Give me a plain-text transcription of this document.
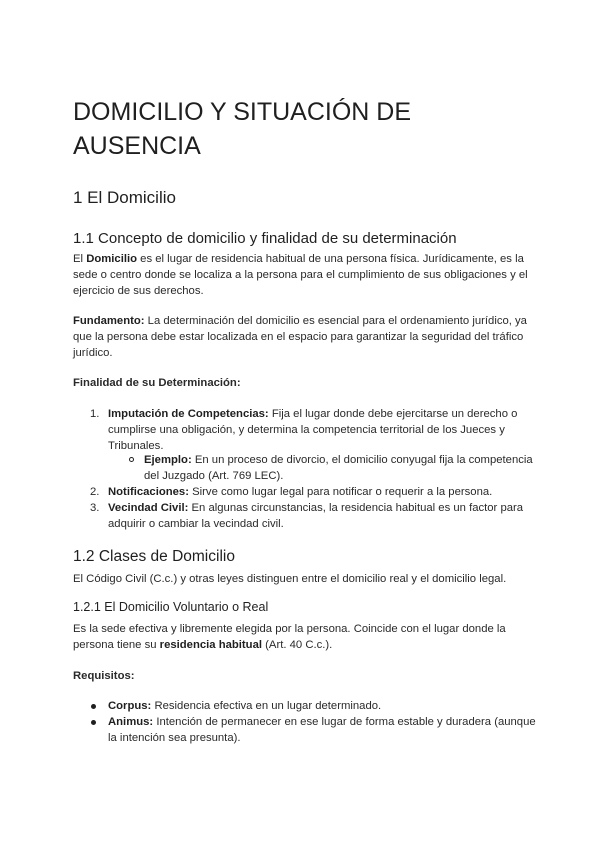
DOMICILIO Y SITUACIÓN DE AUSENCIA
1 El Domicilio
1.1 Concepto de domicilio y finalidad de su determinación

El Domicilio es el lugar de residencia habitual de una persona física. Jurídicamente, es la sede o centro donde se localiza a la persona para el cumplimiento de sus obligaciones y el ejercicio de sus derechos.

Fundamento: La determinación del domicilio es esencial para el ordenamiento jurídico, ya que la persona debe estar localizada en el espacio para garantizar la seguridad del tráfico jurídico.

Finalidad de su Determinación:

1. Imputación de Competencias: Fija el lugar donde debe ejercitarse un derecho o cumplirse una obligación, y determina la competencia territorial de los Jueces y Tribunales.
Ejemplo: En un proceso de divorcio, el domicilio conyugal fija la competencia del Juzgado (Art. 769 LEC).
2. Notificaciones: Sirve como lugar legal para notificar o requerir a la persona.
3. Vecindad Civil: En algunas circunstancias, la residencia habitual es un factor para adquirir o cambiar la vecindad civil.
1.2 Clases de Domicilio

El Código Civil (C.c.) y otras leyes distinguen entre el domicilio real y el domicilio legal.

1.2.1 El Domicilio Voluntario o Real

Es la sede efectiva y libremente elegida por la persona. Coincide con el lugar donde la persona tiene su residencia habitual (Art. 40 C.c.).

Requisitos:

Corpus: Residencia efectiva en un lugar determinado.
Animus: Intención de permanecer en ese lugar de forma estable y duradera (aunque la intención sea presunta).
